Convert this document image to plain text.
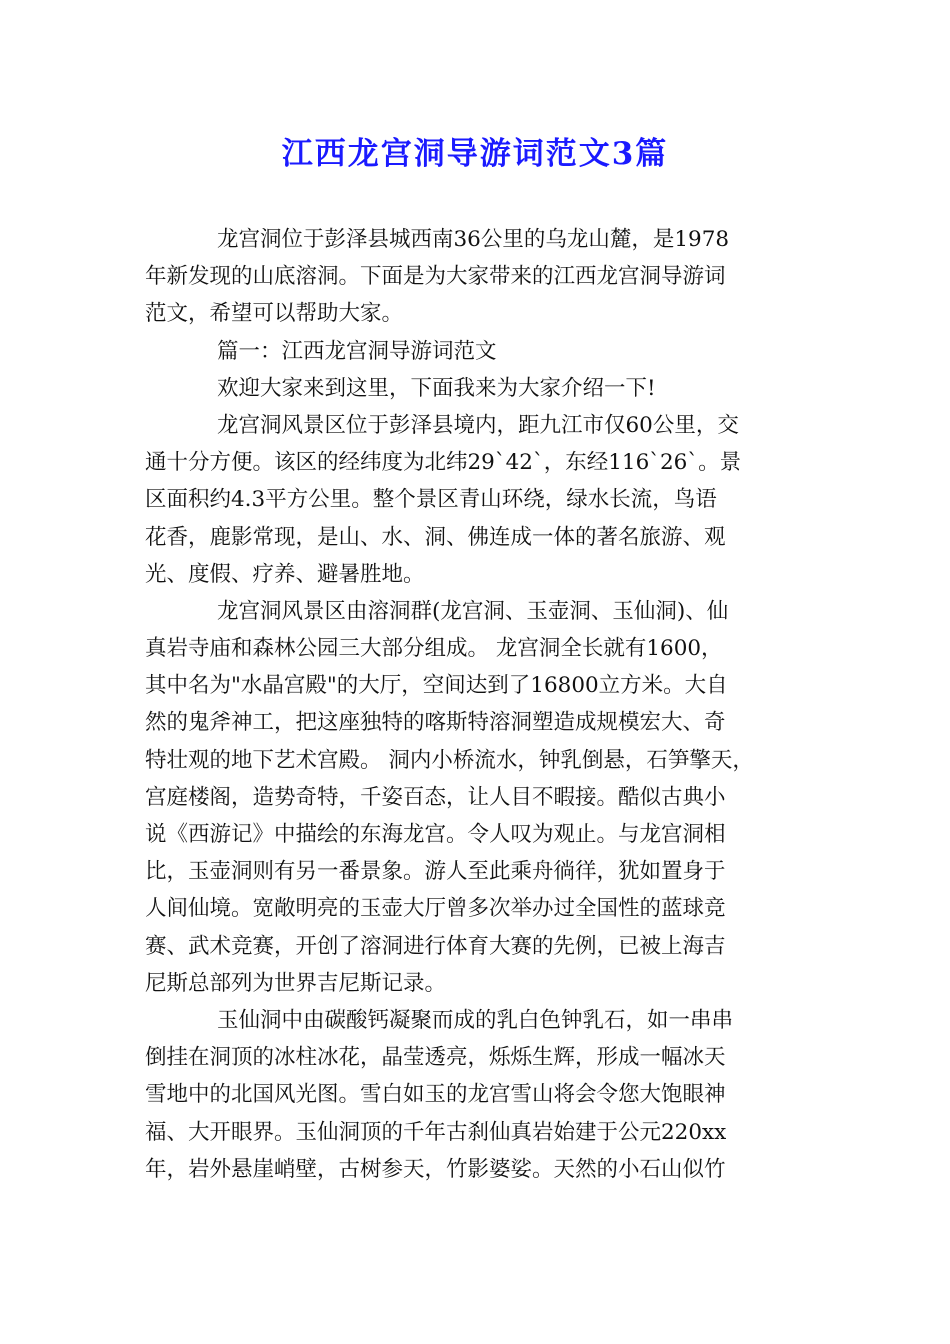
江西龙宫洞导游词范文3篇
龙宫洞位于彭泽县城西南36公里的乌龙山麓，是1978
年新发现的山底溶洞。下面是为大家带来的江西龙宫洞导游词
范文，希望可以帮助大家。
篇一：江西龙宫洞导游词范文
欢迎大家来到这里，下面我来为大家介绍一下!
龙宫洞风景区位于彭泽县境内，距九江市仅60公里，交
通十分方便。该区的经纬度为北纬29`42`，东经116`26`。景
区面积约4.3平方公里。整个景区青山环绕，绿水长流，鸟语
花香，鹿影常现，是山、水、洞、佛连成一体的著名旅游、观
光、度假、疗养、避暑胜地。
龙宫洞风景区由溶洞群(龙宫洞、玉壶洞、玉仙洞)、仙
真岩寺庙和森林公园三大部分组成。 龙宫洞全长就有1600，
其中名为"水晶宫殿"的大厅，空间达到了16800立方米。大自
然的鬼斧神工，把这座独特的喀斯特溶洞塑造成规模宏大、奇
特壮观的地下艺术宫殿。 洞内小桥流水，钟乳倒悬，石笋擎天，
宫庭楼阁，造势奇特，千姿百态，让人目不暇接。酷似古典小
说《西游记》中描绘的东海龙宫。令人叹为观止。与龙宫洞相
比，玉壶洞则有另一番景象。游人至此乘舟徜徉，犹如置身于
人间仙境。宽敞明亮的玉壶大厅曾多次举办过全国性的蓝球竞
赛、武术竞赛，开创了溶洞进行体育大赛的先例，已被上海吉
尼斯总部列为世界吉尼斯记录。
玉仙洞中由碳酸钙凝聚而成的乳白色钟乳石，如一串串
倒挂在洞顶的冰柱冰花，晶莹透亮，烁烁生辉，形成一幅冰天
雪地中的北国风光图。雪白如玉的龙宫雪山将会令您大饱眼神
福、大开眼界。玉仙洞顶的千年古刹仙真岩始建于公元220xx
年，岩外悬崖峭壁，古树参天，竹影婆娑。天然的小石山似竹
